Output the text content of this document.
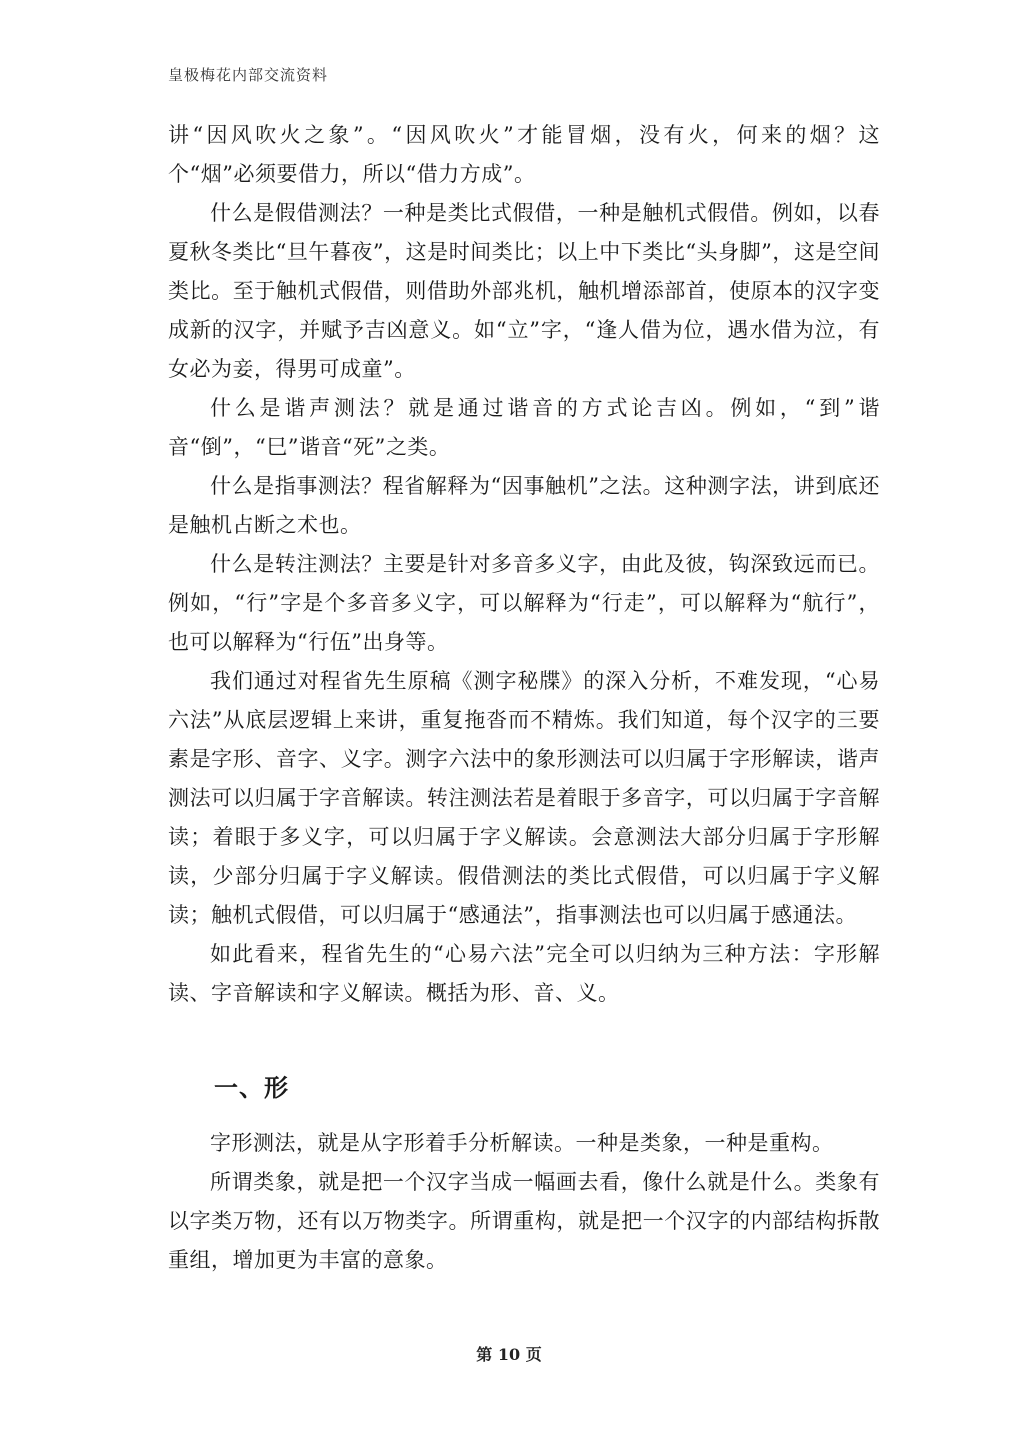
皇极梅花内部交流资料

讲“因风吹火之象”。“因风吹火”才能冒烟，没有火，何来的烟？这个“烟”必须要借力，所以“借力方成”。

什么是假借测法？一种是类比式假借，一种是触机式假借。例如，以春夏秋冬类比“旦午暮夜”，这是时间类比；以上中下类比“头身脚”，这是空间类比。至于触机式假借，则借助外部兆机，触机增添部首，使原本的汉字变成新的汉字，并赋予吉凶意义。如“立”字，“逢人借为位，遇水借为泣，有女必为妾，得男可成童”。

什么是谐声测法？就是通过谐音的方式论吉凶。例如，“到”谐音“倒”，“巳”谐音“死”之类。

什么是指事测法？程省解释为“因事触机”之法。这种测字法，讲到底还是触机占断之术也。

什么是转注测法？主要是针对多音多义字，由此及彼，钩深致远而已。例如，“行”字是个多音多义字，可以解释为“行走”，可以解释为“航行”，也可以解释为“行伍”出身等。

我们通过对程省先生原稿《测字秘牒》的深入分析，不难发现，“心易六法”从底层逻辑上来讲，重复拖沓而不精炼。我们知道，每个汉字的三要素是字形、音字、义字。测字六法中的象形测法可以归属于字形解读，谐声测法可以归属于字音解读。转注测法若是着眼于多音字，可以归属于字音解读；着眼于多义字，可以归属于字义解读。会意测法大部分归属于字形解读，少部分归属于字义解读。假借测法的类比式假借，可以归属于字义解读；触机式假借，可以归属于“感通法”，指事测法也可以归属于感通法。

如此看来，程省先生的“心易六法”完全可以归纳为三种方法：字形解读、字音解读和字义解读。概括为形、音、义。

一、形

字形测法，就是从字形着手分析解读。一种是类象，一种是重构。

所谓类象，就是把一个汉字当成一幅画去看，像什么就是什么。类象有以字类万物，还有以万物类字。所谓重构，就是把一个汉字的内部结构拆散重组，增加更为丰富的意象。

第 10 页
